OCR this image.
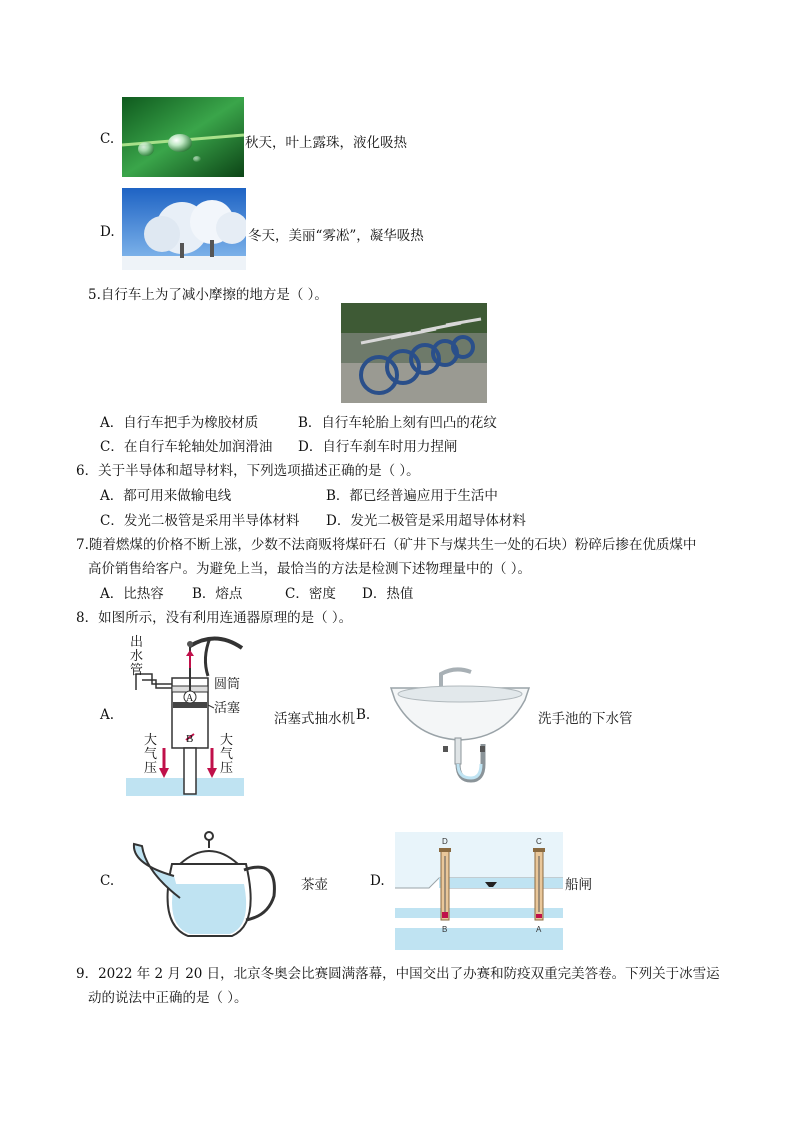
C.	秋天，叶上露珠，液化吸热
D.	冬天，美丽“雾凇”，凝华吸热
5.自行车上为了减小摩擦的地方是（ ）。
A．自行车把手为橡胶材质	B．自行车轮胎上刻有凹凸的花纹
C．在自行车轮轴处加润滑油 D．自行车刹车时用力捏闸
6．关于半导体和超导材料，下列选项描述正确的是（ ）。
A．都可用来做输电线	B．都已经普遍应用于生活中
C．发光二极管是采用半导体材料 D．发光二极管是采用超导体材料
7.随着燃煤的价格不断上涨，少数不法商贩将煤矸石（矿井下与煤共生一处的石块）粉碎后掺在优质煤中
高价销售给客户。为避免上当，最恰当的方法是检测下述物理量中的（ ）。
A．比热容 B．熔点	C．密度 D．热值
8．如图所示，没有利用连通器原理的是（ ）。
A.
A
B
出
水
管
圆筒
活塞
大
气
压
大
气
压
活塞式抽水机 B.	洗手池的下水管
C.	茶壶	D.
D	C
B	A
船闸
9．2022 年 2 月 20 日，北京冬奥会比赛圆满落幕，中国交出了办赛和防疫双重完美答卷。下列关于冰雪运
动的说法中正确的是（ ）。
